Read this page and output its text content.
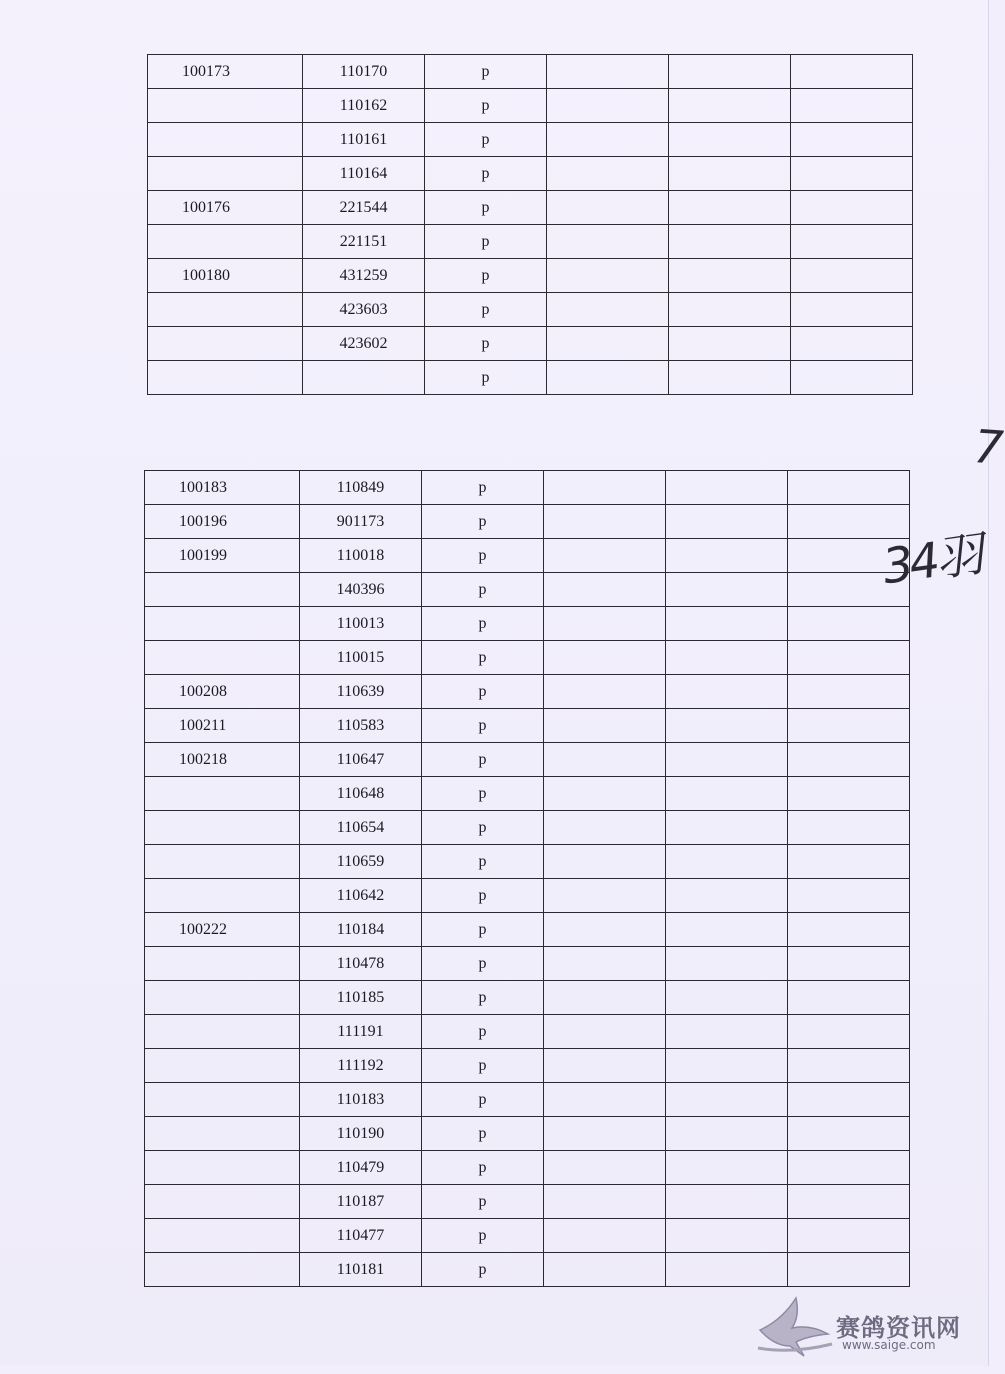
100173	110170	p			
	110162	p			
	110161	p			
	110164	p			
100176	221544	p			
	221151	p			
100180	431259	p			
	423603	p			
	423602	p			
		p			
100183	110849	p			
100196	901173	p			
100199	110018	p			
	140396	p			
	110013	p			
	110015	p			
100208	110639	p			
100211	110583	p			
100218	110647	p			
	110648	p			
	110654	p			
	110659	p			
	110642	p			
100222	110184	p			
	110478	p			
	110185	p			
	111191	p			
	111192	p			
	110183	p			
	110190	p			
	110479	p			
	110187	p			
	110477	p			
	110181	p			
7
34羽
赛鸽资讯网
www.saige.com
